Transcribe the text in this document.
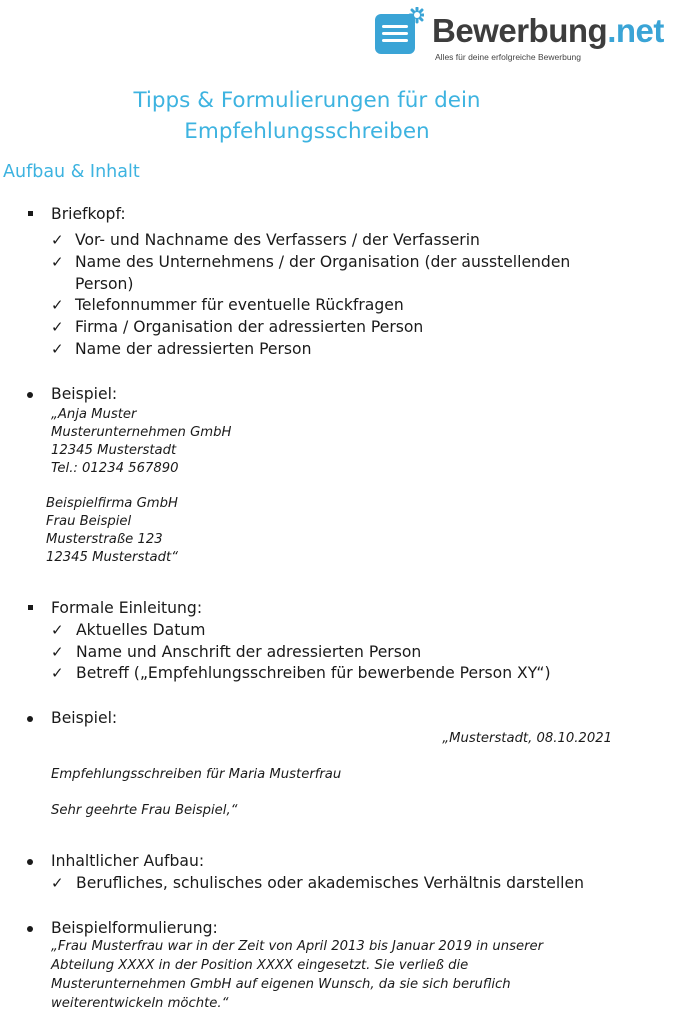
Bewerbung.net
Alles für deine erfolgreiche Bewerbung
Tipps & Formulierungen für dein
Empfehlungsschreiben
Aufbau & Inhalt
Briefkopf:
✓ Vor- und Nachname des Verfassers / der Verfasserin
✓ Name des Unternehmens / der Organisation (der ausstellenden
Person)
✓ Telefonnummer für eventuelle Rückfragen
✓ Firma / Organisation der adressierten Person
✓ Name der adressierten Person
Beispiel:
„Anja Muster
Musterunternehmen GmbH
12345 Musterstadt
Tel.: 01234 567890
Beispielfirma GmbH
Frau Beispiel
Musterstraße 123
12345 Musterstadt“
Formale Einleitung:
✓ Aktuelles Datum
✓ Name und Anschrift der adressierten Person
✓ Betreff („Empfehlungsschreiben für bewerbende Person XY“)
Beispiel:
„Musterstadt, 08.10.2021
Empfehlungsschreiben für Maria Musterfrau
Sehr geehrte Frau Beispiel,“
Inhaltlicher Aufbau:
✓ Berufliches, schulisches oder akademisches Verhältnis darstellen
Beispielformulierung:
„Frau Musterfrau war in der Zeit von April 2013 bis Januar 2019 in unserer
Abteilung XXXX in der Position XXXX eingesetzt. Sie verließ die
Musterunternehmen GmbH auf eigenen Wunsch, da sie sich beruflich
weiterentwickeln möchte.“
